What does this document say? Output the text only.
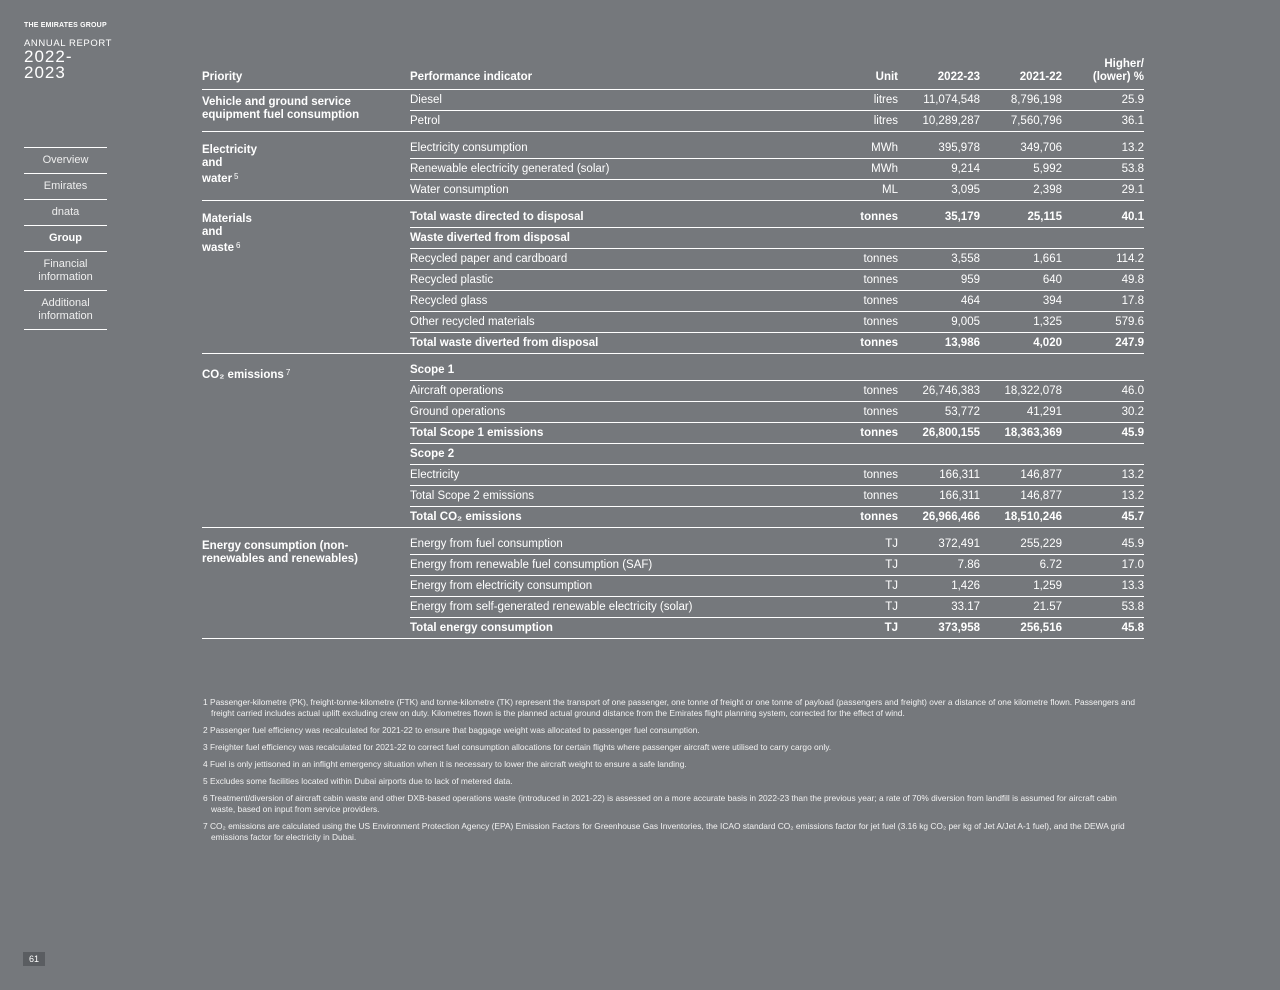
THE EMIRATES GROUP
ANNUAL REPORT
2022-2023
Overview
Emirates
dnata
Group
Financial information
Additional information
Priority	Performance indicator	Unit	2022-23	2021-22	Higher/ (lower) %
Vehicle and ground service equipment fuel consumption	Diesel	litres	11,074,548	8,796,198	25.9
	Petrol	litres	10,289,287	7,560,796	36.1

Electricity and water $^5$	Electricity consumption	MWh	395,978	349,706	13.2
	Renewable electricity generated (solar)	MWh	9,214	5,992	53.8
	Water consumption	ML	3,095	2,398	29.1

Materials and waste $^6$	Total waste directed to disposal	tonnes	35,179	25,115	40.1
	Waste diverted from disposal				
	Recycled paper and cardboard	tonnes	3,558	1,661	114.2
	Recycled plastic	tonnes	959	640	49.8
	Recycled glass	tonnes	464	394	17.8
	Other recycled materials	tonnes	9,005	1,325	579.6
	Total waste diverted from disposal	tonnes	13,986	4,020	247.9

CO₂ emissions $^7$	Scope 1				
	Aircraft operations	tonnes	26,746,383	18,322,078	46.0
	Ground operations	tonnes	53,772	41,291	30.2
	Total Scope 1 emissions	tonnes	26,800,155	18,363,369	45.9
	Scope 2				
	Electricity	tonnes	166,311	146,877	13.2
	Total Scope 2 emissions	tonnes	166,311	146,877	13.2
	Total CO₂ emissions	tonnes	26,966,466	18,510,246	45.7

Energy consumption (non-renewables and renewables)	Energy from fuel consumption	TJ	372,491	255,229	45.9
	Energy from renewable fuel consumption (SAF)	TJ	7.86	6.72	17.0
	Energy from electricity consumption	TJ	1,426	1,259	13.3
	Energy from self-generated renewable electricity (solar)	TJ	33.17	21.57	53.8
	Total energy consumption	TJ	373,958	256,516	45.8
1 Passenger-kilometre (PK), freight-tonne-kilometre (FTK) and tonne-kilometre (TK) represent the transport of one passenger, one tonne of freight or one tonne of payload (passengers and freight) over a distance of one kilometre flown. Passengers and freight carried includes actual uplift excluding crew on duty. Kilometres flown is the planned actual ground distance from the Emirates flight planning system, corrected for the effect of wind.
2 Passenger fuel efficiency was recalculated for 2021-22 to ensure that baggage weight was allocated to passenger fuel consumption.
3 Freighter fuel efficiency was recalculated for 2021-22 to correct fuel consumption allocations for certain flights where passenger aircraft were utilised to carry cargo only.
4 Fuel is only jettisoned in an inflight emergency situation when it is necessary to lower the aircraft weight to ensure a safe landing.
5 Excludes some facilities located within Dubai airports due to lack of metered data.
6 Treatment/diversion of aircraft cabin waste and other DXB-based operations waste (introduced in 2021-22) is assessed on a more accurate basis in 2022-23 than the previous year; a rate of 70% diversion from landfill is assumed for aircraft cabin waste, based on input from service providers.
7 CO₂ emissions are calculated using the US Environment Protection Agency (EPA) Emission Factors for Greenhouse Gas Inventories, the ICAO standard CO₂ emissions factor for jet fuel (3.16 kg CO₂ per kg of Jet A/Jet A-1 fuel), and the DEWA grid emissions factor for electricity in Dubai.
61
